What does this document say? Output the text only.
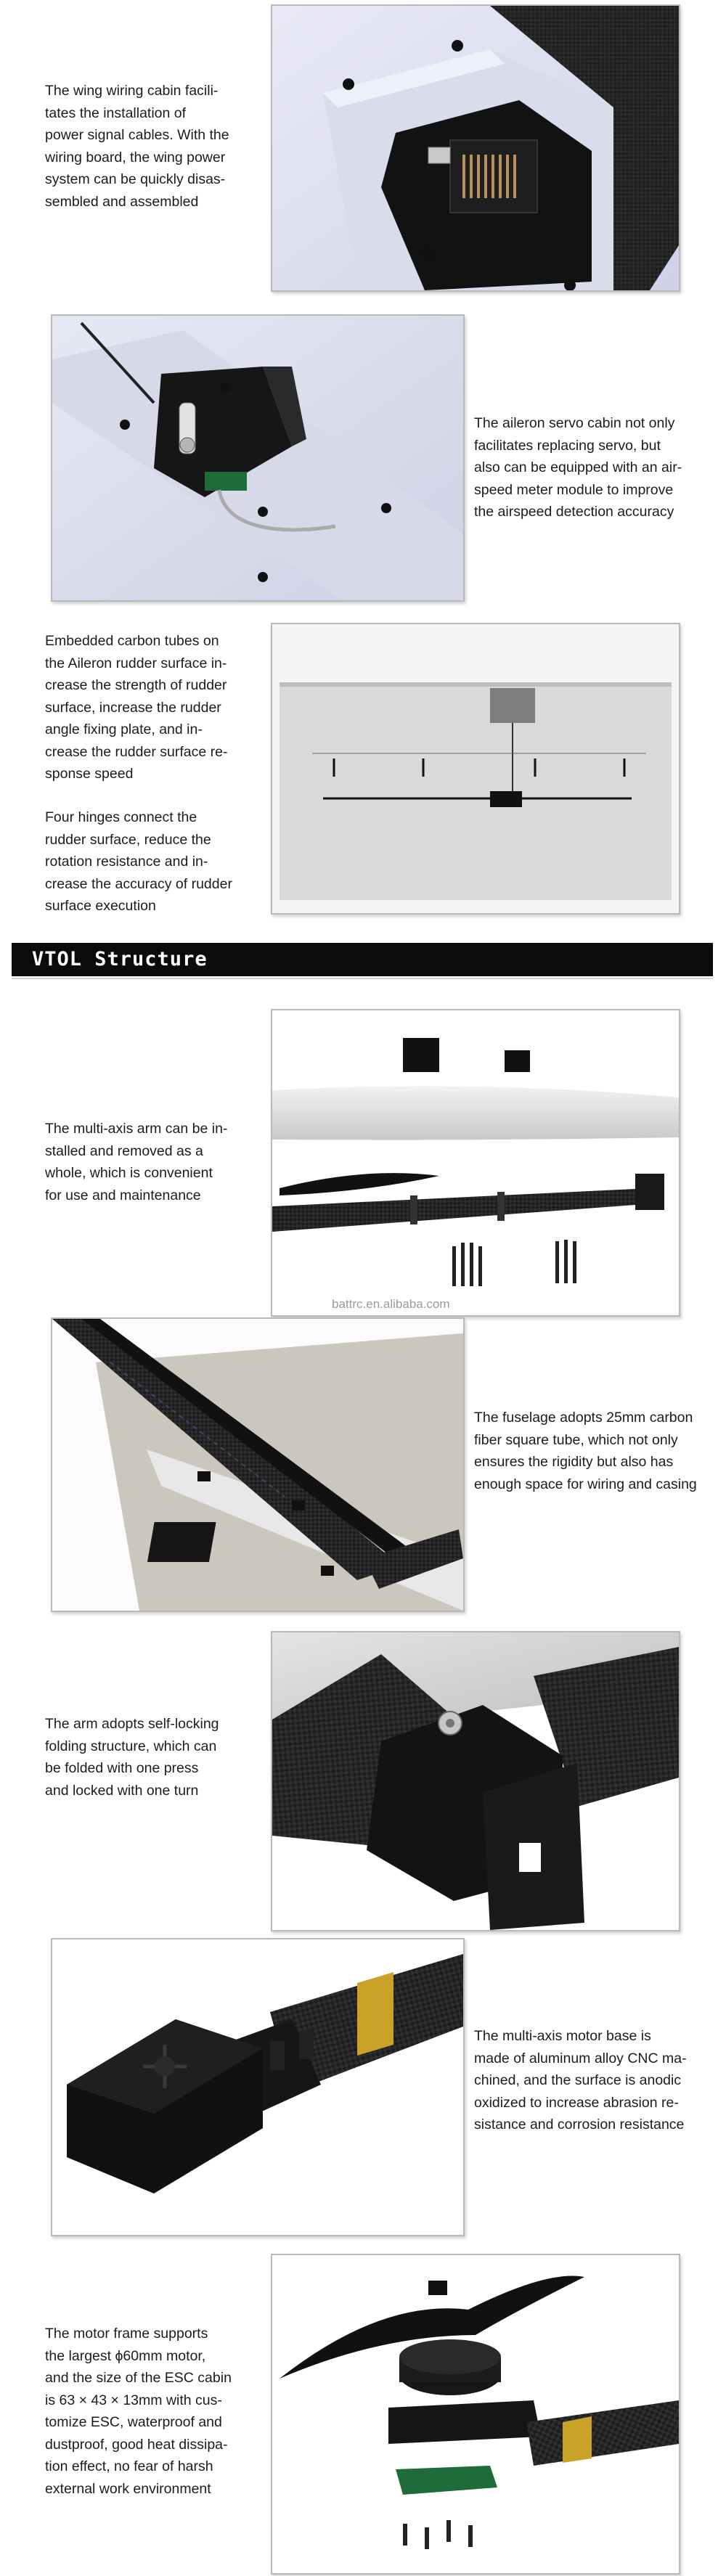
The wing wiring cabin facili-
tates the installation of
power signal cables. With the
wiring board, the wing power
system can be quickly disas-
sembled and assembled
The aileron servo cabin not only
facilitates replacing servo, but
also can be equipped with an air-
speed meter module to improve
the airspeed detection accuracy
Embedded carbon tubes on
the Aileron rudder surface in-
crease the strength of rudder
surface, increase the rudder
angle fixing plate, and in-
crease the rudder surface re-
sponse speed
Four hinges connect the
rudder surface, reduce the
rotation resistance and in-
crease the accuracy of rudder
surface execution
VTOL Structure
battrc.en.alibaba.com
The multi-axis arm can be in-
stalled and removed as a
whole, which is convenient
for use and maintenance
The fuselage adopts 25mm carbon
fiber square tube, which not only
ensures the rigidity but also has
enough space for wiring and casing
The arm adopts self-locking
folding structure, which can
be folded with one press
and locked with one turn
The multi-axis motor base is
made of aluminum alloy CNC ma-
chined, and the surface is anodic
oxidized to increase abrasion re-
sistance and corrosion resistance
The motor frame supports
the largest ϕ60mm motor,
and the size of the ESC cabin
is 63 × 43 × 13mm with cus-
tomize ESC, waterproof and
dustproof, good heat dissipa-
tion effect, no fear of harsh
external work environment
